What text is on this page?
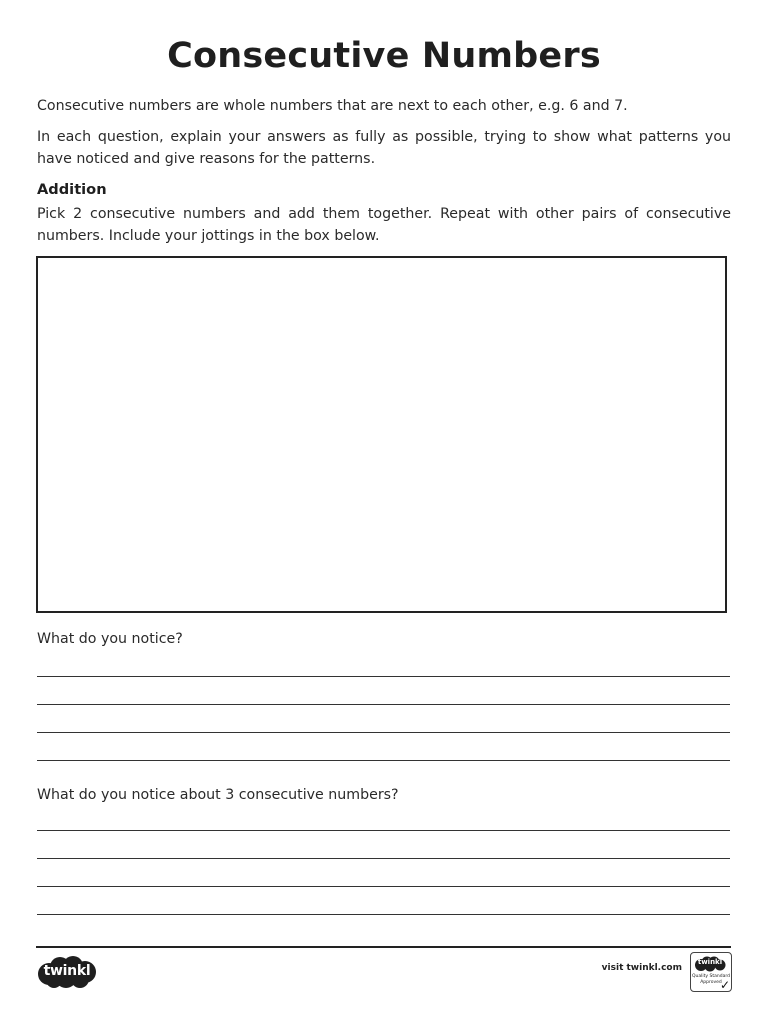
Consecutive Numbers

Consecutive numbers are whole numbers that are next to each other, e.g. 6 and 7.

In each question, explain your answers as fully as possible, trying to show what patterns you have noticed and give reasons for the patterns.

Addition

Pick 2 consecutive numbers and add them together. Repeat with other pairs of consecutive numbers. Include your jottings in the box below.

What do you notice?
What do you notice about 3 consecutive numbers?
twinkl	visit twinkl.com
twinkl
Quality Standard Approved
✓
